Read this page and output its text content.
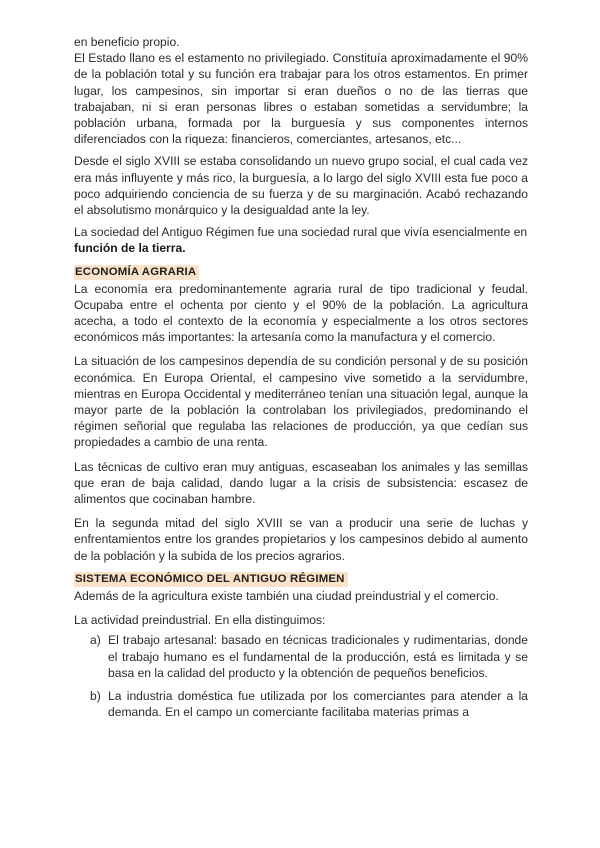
en beneficio propio.

El Estado llano es el estamento no privilegiado. Constituía aproximadamente el 90% de la población total y su función era trabajar para los otros estamentos. En primer lugar, los campesinos, sin importar si eran dueños o no de las tierras que trabajaban, ni si eran personas libres o estaban sometidas a servidumbre; la población urbana, formada por la burguesía y sus componentes internos diferenciados con la riqueza: financieros, comerciantes, artesanos, etc...

Desde el siglo XVIII se estaba consolidando un nuevo grupo social, el cual cada vez era más influyente y más rico, la burguesía, a lo largo del siglo XVIII esta fue poco a poco adquiriendo conciencia de su fuerza y de su marginación. Acabó rechazando el absolutismo monárquico y la desigualdad ante la ley.

La sociedad del Antiguo Régimen fue una sociedad rural que vivía esencialmente en función de la tierra.

ECONOMÍA AGRARIA

La economía era predominantemente agraria rural de tipo tradicional y feudal. Ocupaba entre el ochenta por ciento y el 90% de la población. La agricultura acecha, a todo el contexto de la economía y especialmente a los otros sectores económicos más importantes: la artesanía como la manufactura y el comercio.

La situación de los campesinos dependía de su condición personal y de su posición económica. En Europa Oriental, el campesino vive sometido a la servidumbre, mientras en Europa Occidental y mediterráneo tenían una situación legal, aunque la mayor parte de la población la controlaban los privilegiados, predominando el régimen señorial que regulaba las relaciones de producción, ya que cedían sus propiedades a cambio de una renta.

Las técnicas de cultivo eran muy antiguas, escaseaban los animales y las semillas que eran de baja calidad, dando lugar a la crisis de subsistencia: escasez de alimentos que cocinaban hambre.

En la segunda mitad del siglo XVIII se van a producir una serie de luchas y enfrentamientos entre los grandes propietarios y los campesinos debido al aumento de la población y la subida de los precios agrarios.

SISTEMA ECONÓMICO DEL ANTIGUO RÉGIMEN

Además de la agricultura existe también una ciudad preindustrial y el comercio.

La actividad preindustrial. En ella distinguimos:

a) El trabajo artesanal: basado en técnicas tradicionales y rudimentarias, donde el trabajo humano es el fundamental de la producción, está es limitada y se basa en la calidad del producto y la obtención de pequeños beneficios.
b) La industria doméstica fue utilizada por los comerciantes para atender a la demanda. En el campo un comerciante facilitaba materias primas a
